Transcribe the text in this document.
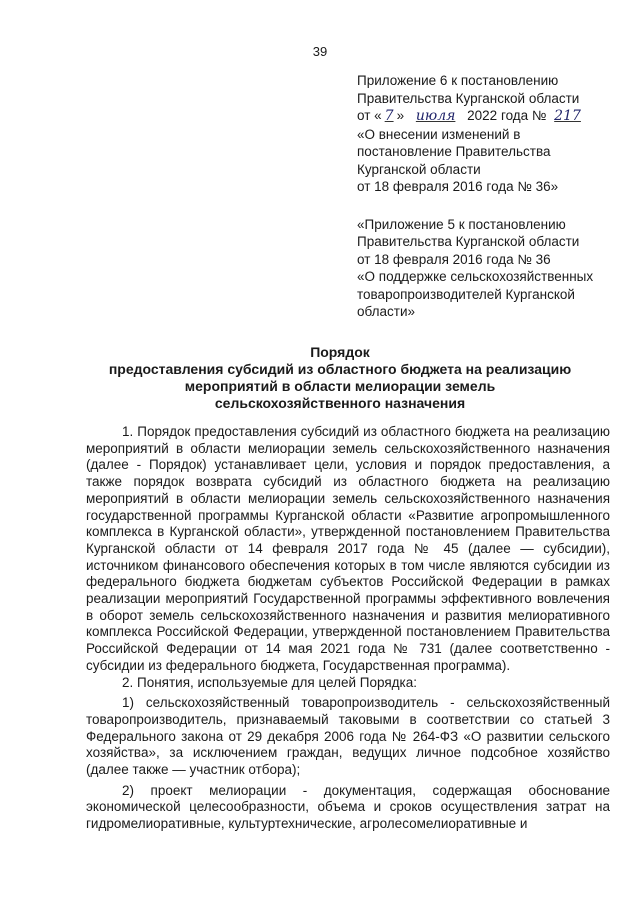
39

Приложение 6 к постановлению

Правительства Курганской области

от « 7 » июля 2022 года № 217

«О внесении изменений в

постановление Правительства

Курганской области

от 18 февраля 2016 года № 36»

«Приложение 5 к постановлению

Правительства Курганской области

от 18 февраля 2016 года № 36

«О поддержке сельскохозяйственных

товаропроизводителей Курганской

области»

Порядок
предоставления субсидий из областного бюджета на реализацию
мероприятий в области мелиорации земель
сельскохозяйственного назначения

1. Порядок предоставления субсидий из областного бюджета на реализацию мероприятий в области мелиорации земель сельскохозяйственного назначения (далее - Порядок) устанавливает цели, условия и порядок предоставления, а также порядок возврата субсидий из областного бюджета на реализацию мероприятий в области мелиорации земель сельскохозяйственного назначения государственной программы Курганской области «Развитие агропромышленного комплекса в Курганской области», утвержденной постановлением Правительства Курганской области от 14 февраля 2017 года № 45 (далее — субсидии), источником финансового обеспечения которых в том числе являются субсидии из федерального бюджета бюджетам субъектов Российской Федерации в рамках реализации мероприятий Государственной программы эффективного вовлечения в оборот земель сельскохозяйственного назначения и развития мелиоративного комплекса Российской Федерации, утвержденной постановлением Правительства Российской Федерации от 14 мая 2021 года № 731 (далее соответственно - субсидии из федерального бюджета, Государственная программа).

2. Понятия, используемые для целей Порядка:

1) сельскохозяйственный товаропроизводитель - сельскохозяйственный товаропроизводитель, признаваемый таковыми в соответствии со статьей 3 Федерального закона от 29 декабря 2006 года № 264-ФЗ «О развитии сельского хозяйства», за исключением граждан, ведущих личное подсобное хозяйство (далее также — участник отбора);

2) проект мелиорации - документация, содержащая обоснование экономической целесообразности, объема и сроков осуществления затрат на гидромелиоративные, культуртехнические, агролесомелиоративные и
